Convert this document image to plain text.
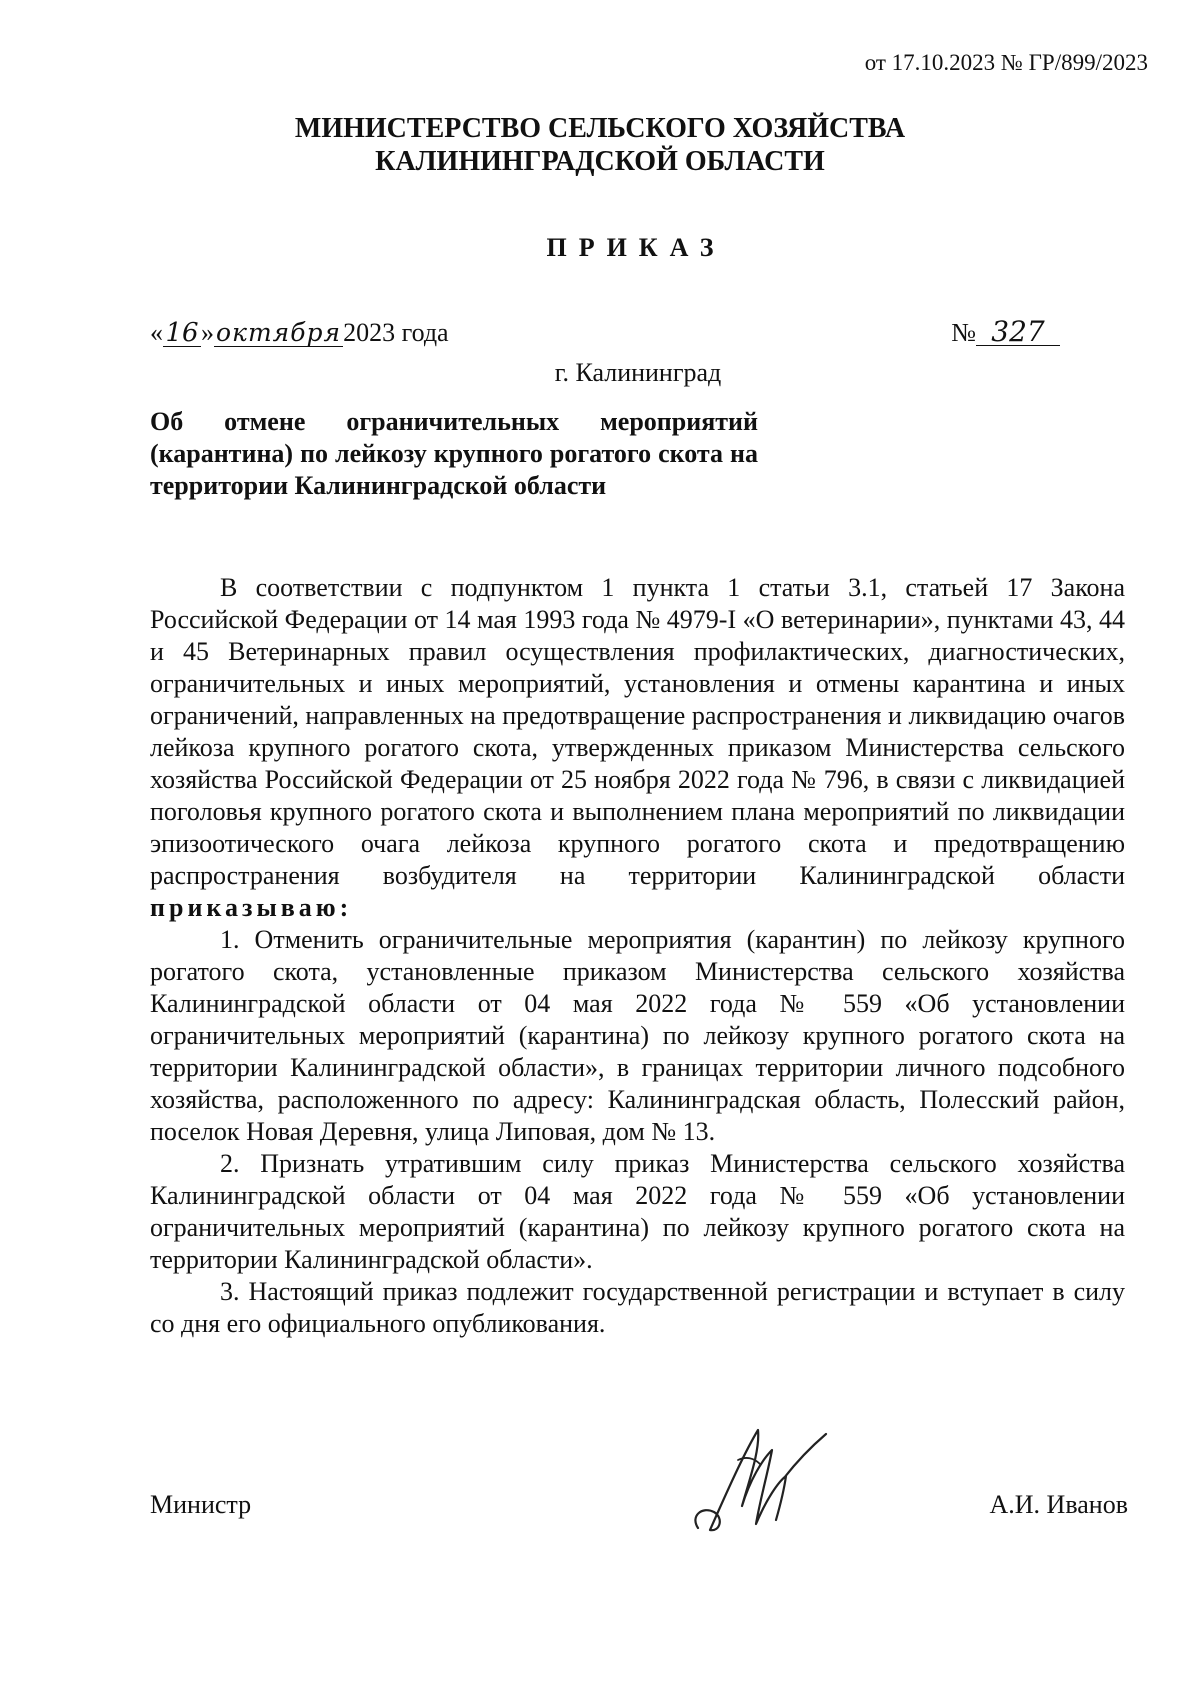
от 17.10.2023 № ГР/899/2023
МИНИСТЕРСТВО СЕЛЬСКОГО ХОЗЯЙСТВА
КАЛИНИНГРАДСКОЙ ОБЛАСТИ
ПРИКАЗ
« 16 » октября 2023 года	№ 327
г. Калининград
Об отмене ограничительных мероприятий (карантина) по лейкозу крупного рогатого скота на территории Калининградской области

В соответствии с подпунктом 1 пункта 1 статьи 3.1, статьей 17 Закона Российской Федерации от 14 мая 1993 года № 4979-I «О ветеринарии», пунктами 43, 44 и 45 Ветеринарных правил осуществления профилактических, диагностических, ограничительных и иных мероприятий, установления и отмены карантина и иных ограничений, направленных на предотвращение распространения и ликвидацию очагов лейкоза крупного рогатого скота, утвержденных приказом Министерства сельского хозяйства Российской Федерации от 25 ноября 2022 года № 796, в связи с ликвидацией поголовья крупного рогатого скота и выполнением плана мероприятий по ликвидации эпизоотического очага лейкоза крупного рогатого скота и предотвращению распространения возбудителя на территории Калининградской области приказываю:

1. Отменить ограничительные мероприятия (карантин) по лейкозу крупного рогатого скота, установленные приказом Министерства сельского хозяйства Калининградской области от 04 мая 2022 года № 559 «Об установлении ограничительных мероприятий (карантина) по лейкозу крупного рогатого скота на территории Калининградской области», в границах территории личного подсобного хозяйства, расположенного по адресу: Калининградская область, Полесский район, поселок Новая Деревня, улица Липовая, дом № 13.

2. Признать утратившим силу приказ Министерства сельского хозяйства Калининградской области от 04 мая 2022 года № 559 «Об установлении ограничительных мероприятий (карантина) по лейкозу крупного рогатого скота на территории Калининградской области».

3. Настоящий приказ подлежит государственной регистрации и вступает в силу со дня его официального опубликования.

Министр	А.И. Иванов
